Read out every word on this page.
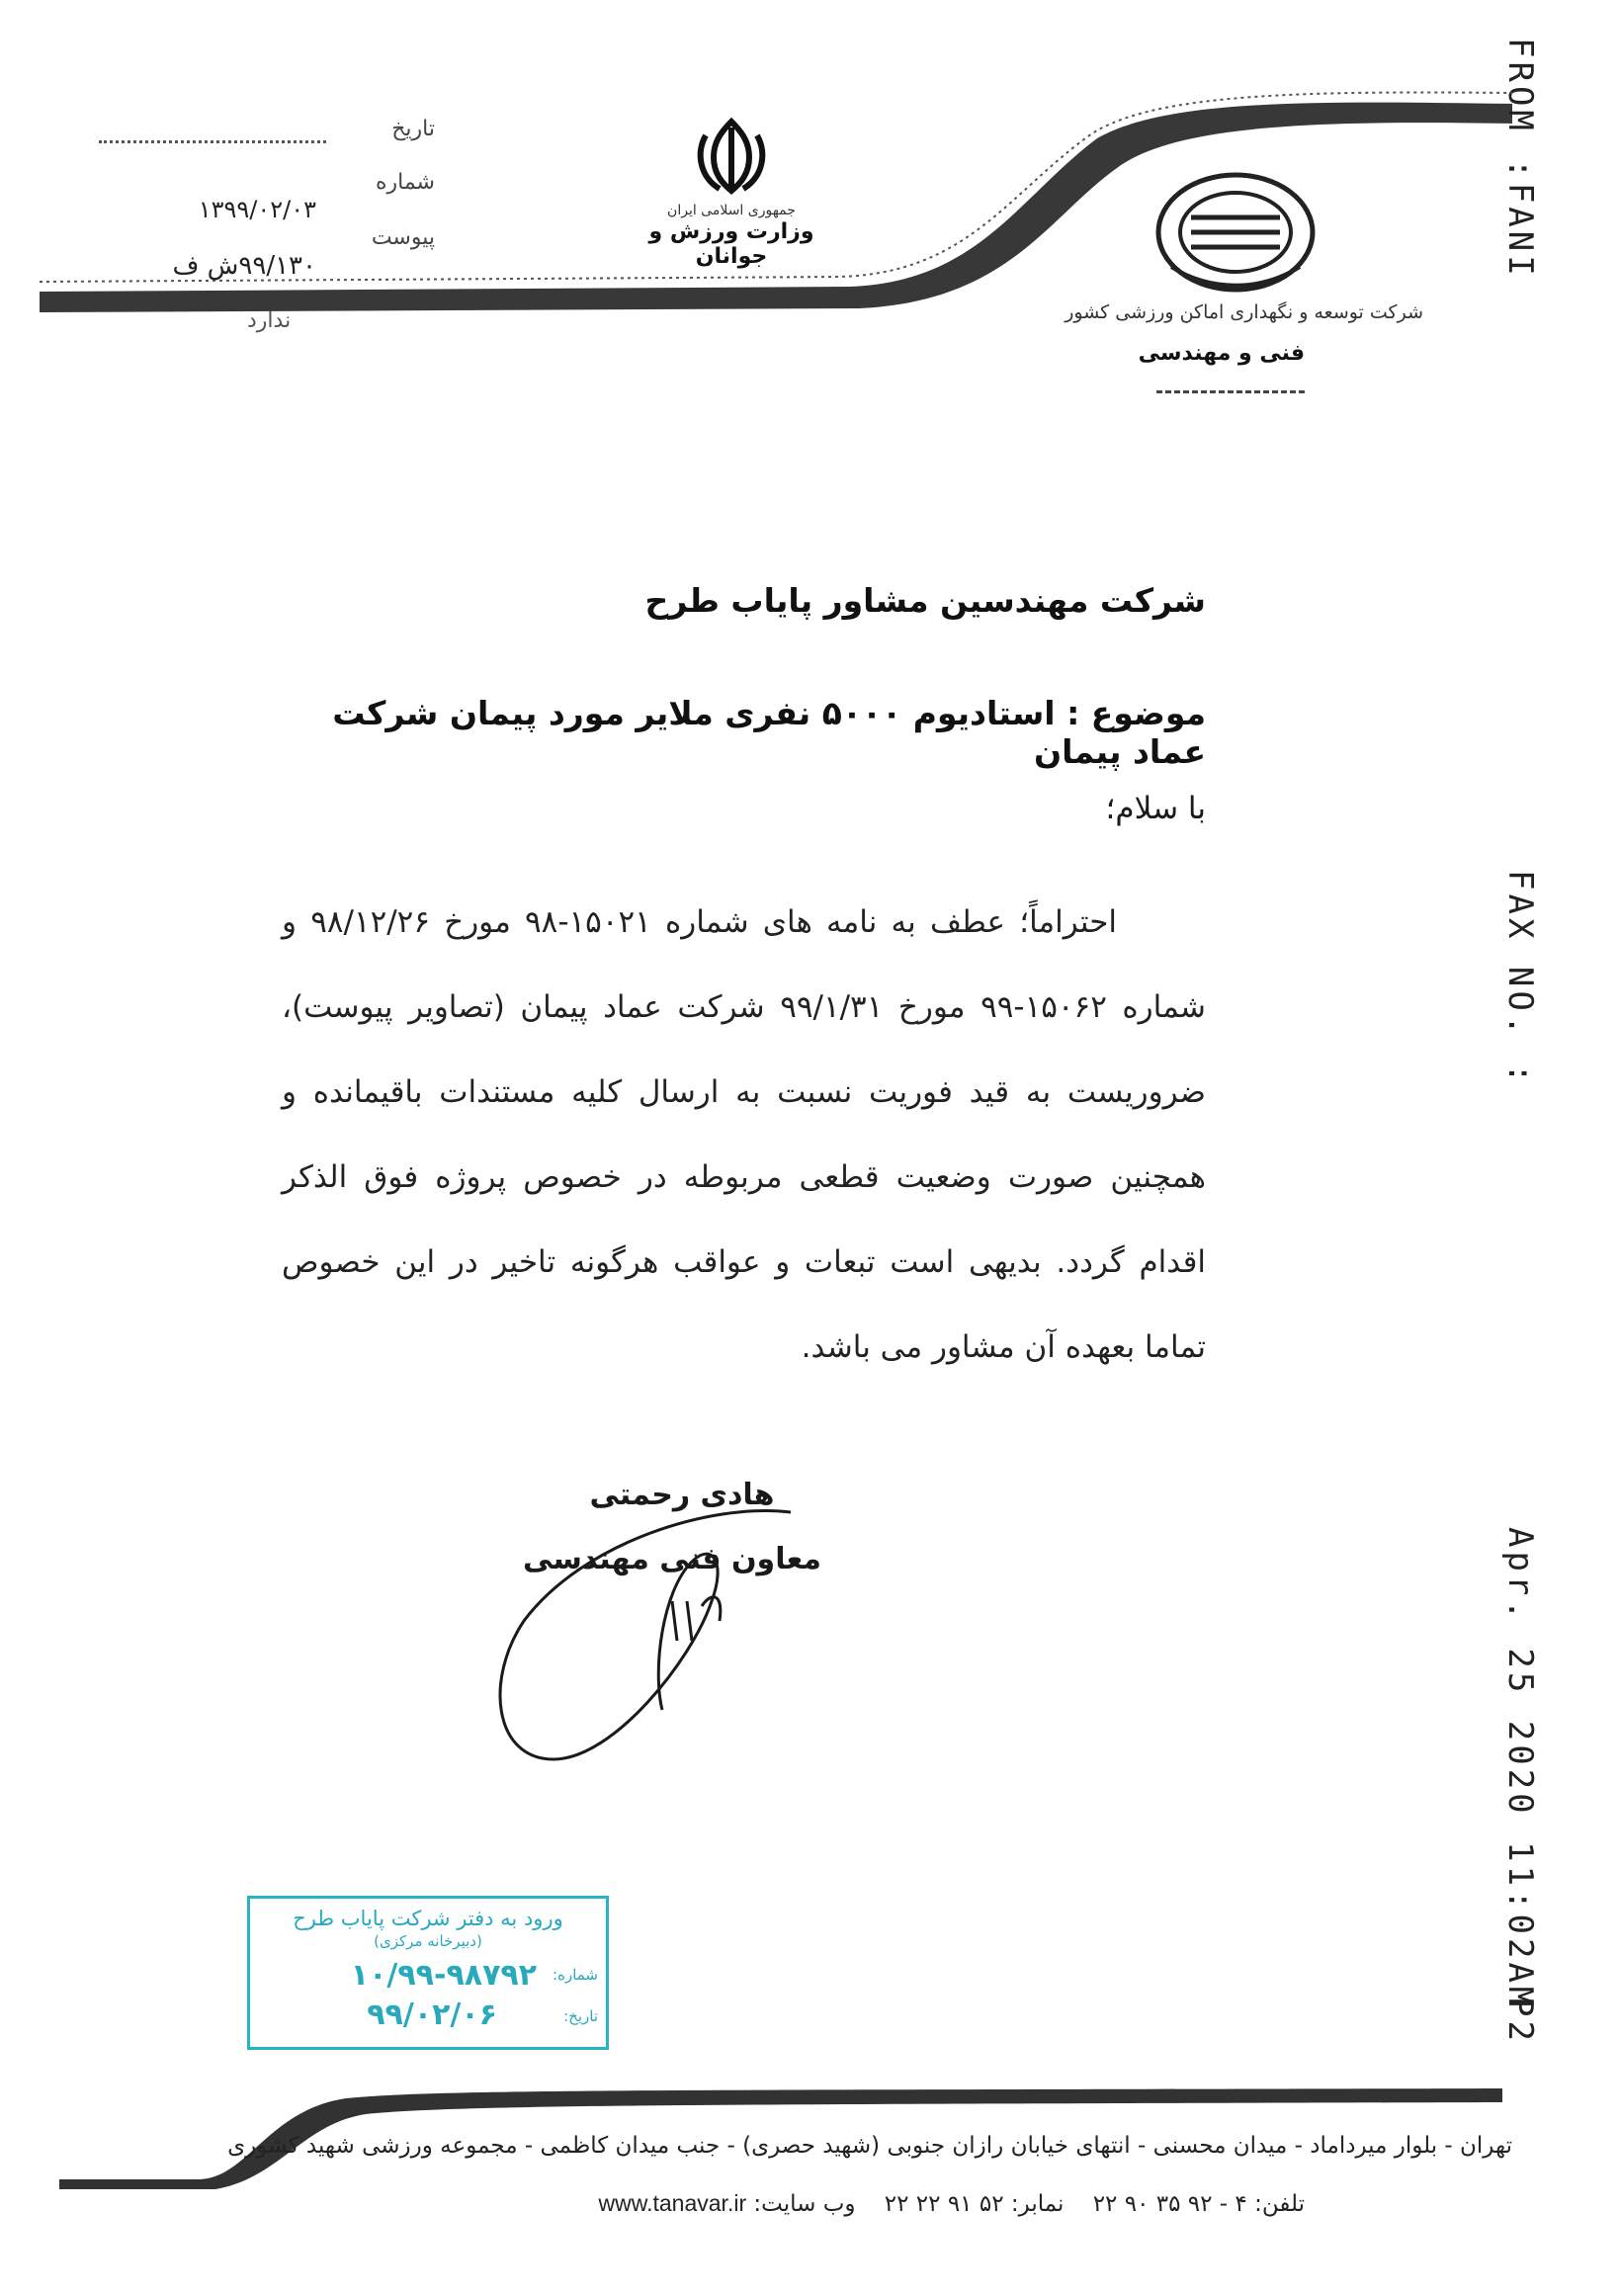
FROM :FANI
FAX NO. :
Apr. 25 2020 11:02AM
P2
جمهوری اسلامی ایران
وزارت ورزش و جوانان
شرکت توسعه و نگهداری اماکن ورزشی کشور
فنی و مهندسی
تاریخ
شماره
۱۳۹۹/۰۲/۰۳
پیوست
۹۹/۱۳۰ش ف
ندارد
شرکت مهندسین مشاور پایاب طرح
موضوع : استادیوم ۵۰۰۰ نفری ملایر مورد پیمان شرکت عماد پیمان
با سلام؛
احتراماً؛ عطف به نامه های شماره ۱۵۰۲۱-۹۸ مورخ ۹۸/۱۲/۲۶ و شماره ۱۵۰۶۲-۹۹ مورخ ۹۹/۱/۳۱ شرکت عماد پیمان (تصاویر پیوست)، ضروریست به قید فوریت نسبت به ارسال کلیه مستندات باقیمانده و همچنین صورت وضعیت قطعی مربوطه در خصوص پروژه فوق الذکر اقدام گردد. بدیهی است تبعات و عواقب هرگونه تاخیر در این خصوص تماما بعهده آن مشاور می باشد.
هادی رحمتی
معاون فنی مهندسی
ورود به دفتر شرکت پایاب طرح
(دبیرخانه مرکزی)
شماره:
۱۰/۹۹-۹۸۷۹۲
تاریخ:
۹۹/۰۲/۰۶
تهران - بلوار میرداماد - میدان محسنی - انتهای خیابان رازان جنوبی (شهید حصری) - جنب میدان کاظمی - مجموعه ورزشی شهید کشوری
تلفن: ۴ - ۹۲ ۳۵ ۹۰ ۲۲    نمابر: ۵۲ ۹۱ ۲۲ ۲۲    وب سایت: www.tanavar.ir
